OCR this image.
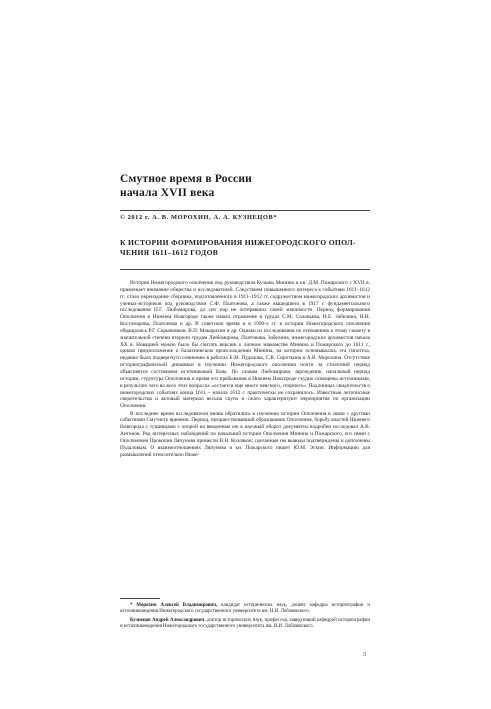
Смутное время в России
начала XVII века
© 2012 г. А. В. МОРОХИН, А. А. КУЗНЕЦОВ*
К ИСТОРИИ ФОРМИРОВАНИЯ НИЖЕГОРОДСКОГО ОПОЛ-
ЧЕНИЯ 1611–1612 ГОДОВ

История Нижегородского ополчения под руководством Кузьмы Минина и кн. Д.М. Пожарского с XVII в. привлекает внимание общества и исследователей. Следствием повышенного интереса к событиям 1611–1612 гг. стало переиздание сборника, подготовленного в 1911–1912 гг. содружеством нижегородских архивистов и ученых-историков под руководством С.Ф. Платонова, а также вышедшего в 1917 г. фундаментального исследования П.Г. Любомирова, до сих пор не потерявших своей значимости. Период формирования Ополчения в Нижнем Новгороде также нашел отражение в трудах С.М. Соловьева, И.Е. Забелина, Н.И. Костомарова, Платонова и др. В советское время и в 1990-х гг. к истории Нижегородского ополчения обращались Р.Г. Скрынников, В.П. Макарихин и др. Однако их исследования по отношению к этому сюжету в значительной степени вторили трудам Любомирова, Платонова, Забелина, нижегородских архивистов начала XX в. Новацией можно было бы считать версию о личном знакомстве Минина и Пожарского до 1611 г., однако предположение о балахнинском происхождении Минина, на котором основывалась эта гипотеза, недавно было подвергнуто сомнению в работах Б.М. Пудалова, С.В. Сироткина и А.В. Морохина. Отсутствие историографической динамики в изучении Нижегородского ополчения почти за столетний период объясняется состоянием источниковой базы. По словам Любомирова, зарождение, начальный период истории, структура Ополчения и время его пребывания в Нижнем Новгороде скудно освещены источниками, в результате чего во всех этих вопросах «остается еще много неясного, спорного». Подлинных свидетельств о нижегородских событиях конца 1611 – начала 1612 г. практически не сохранилось. Известные летописные свидетельства и актовый материал весьма скупо и сжато характеризуют мероприятия по организации Ополчения.

В последнее время исследователи вновь обратились к изучению истории Ополчения в связи с другими событиями Смутного времени. Период, предшествовавший образованию Ополчения, борьбу властей Нижнего Новгорода с тушинцами с опорой на введенные ею в научный оборот документы подробно исследовал А.В. Антонов. Ряд интересных наблюдений по начальной истории Ополчения Минина и Пожарского, его связи с Ополчением Прокопия Ляпунова принесли В.Н. Козляков; сделанные им выводы подтверждены и дополнены Пудаловым. О взаимоотношениях Ляпунова и кн. Пожарского пишет Ю.М. Эскин. Информацию для размышлений относительно Ниже-

* Морохин Алексей Владимирович, кандидат исторических наук, доцент кафедры историографии и источниковедения Нижегородского государственного университета им. Н.И. Лобачевского.

Кузнецов Андрей Александрович, доктор исторических наук, профессор, заведующий кафедрой историографии и источниковедения Нижегородского государственного университета им. Н.И. Лобачевского.

3
